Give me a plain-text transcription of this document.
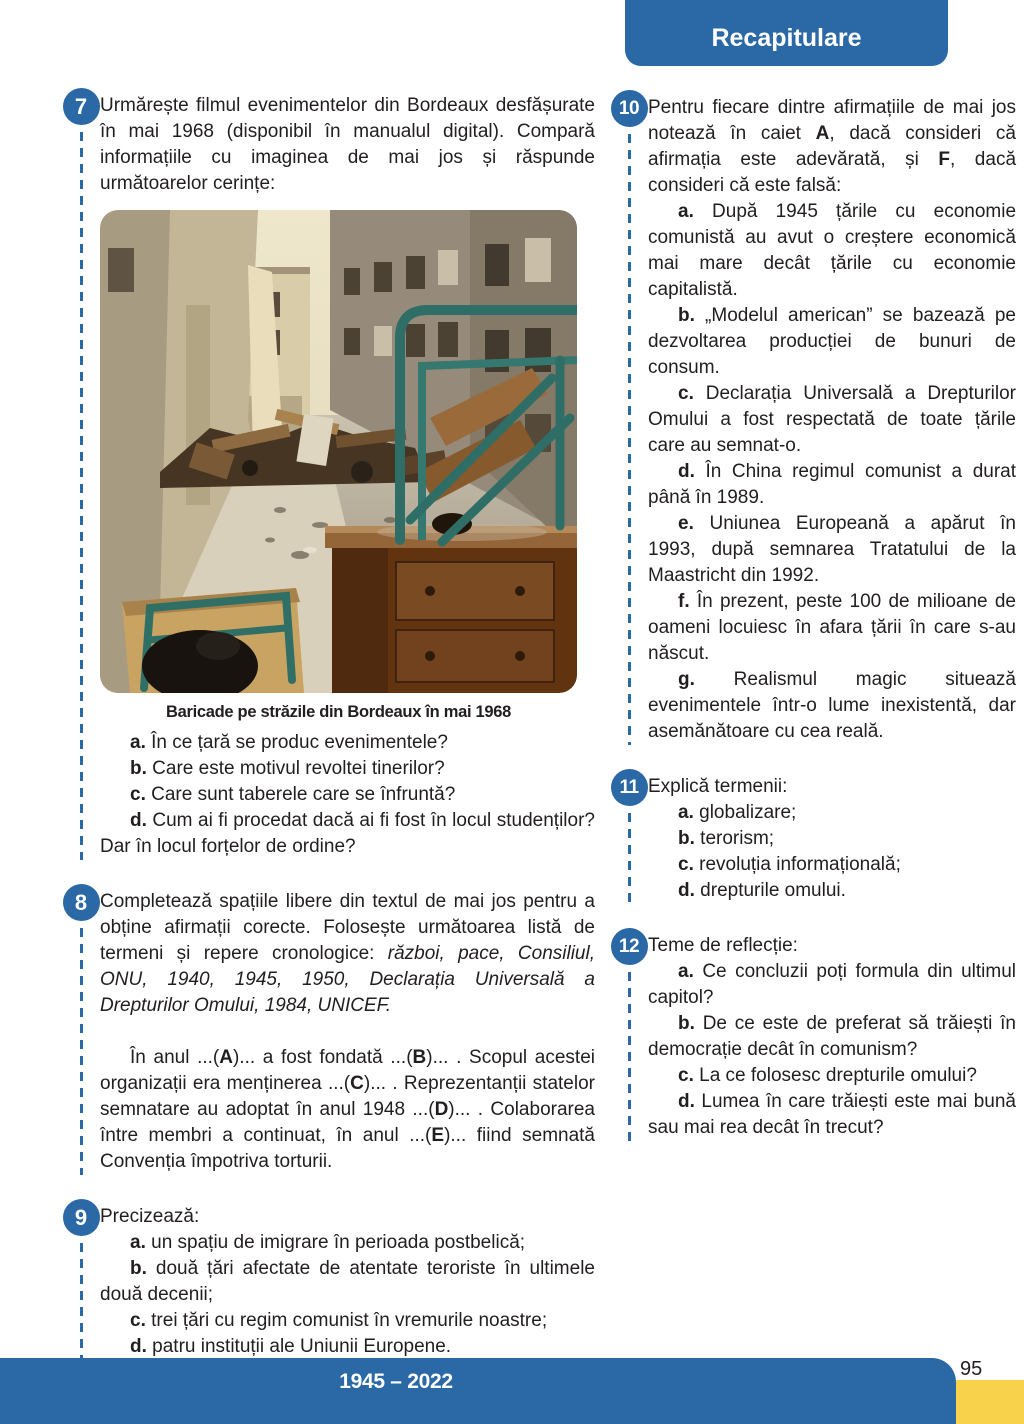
Recapitulare
7 Urmărește filmul evenimentelor din Bordeaux desfășurate în mai 1968 (disponibil în manualul digital). Compară informațiile cu imaginea de mai jos și răspunde următoarelor cerințe:

Baricade pe străzile din Bordeaux în mai 1968

a. În ce țară se produc evenimentele?

b. Care este motivul revoltei tinerilor?

c. Care sunt taberele care se înfruntă?

d. Cum ai fi procedat dacă ai fi fost în locul studenților? Dar în locul forțelor de ordine?

8 Completează spațiile libere din textul de mai jos pentru a obține afirmații corecte. Folosește următoarea listă de termeni și repere cronologice: război, pace, Consiliul, ONU, 1940, 1945, 1950, Declarația Universală a Drepturilor Omului, 1984, UNICEF.

În anul ...(A)... a fost fondată ...(B)... . Scopul acestei organizații era menținerea ...(C)... . Reprezentanții statelor semnatare au adoptat în anul 1948 ...(D)... . Colaborarea între membri a continuat, în anul ...(E)... fiind semnată Convenția împotriva torturii.

9 Precizează:

a. un spațiu de imigrare în perioada postbelică;

b. două țări afectate de atentate teroriste în ultimele două decenii;

c. trei țări cu regim comunist în vremurile noastre;

d. patru instituții ale Uniunii Europene.

10 Pentru fiecare dintre afirmațiile de mai jos notează în caiet A, dacă consideri că afirmația este adevărată, și F, dacă consideri că este falsă:

a. După 1945 țările cu economie comunistă au avut o creștere economică mai mare decât țările cu economie capitalistă.

b. „Modelul american” se bazează pe dezvoltarea producției de bunuri de consum.

c. Declarația Universală a Drepturilor Omului a fost respectată de toate țările care au semnat-o.

d. În China regimul comunist a durat până în 1989.

e. Uniunea Europeană a apărut în 1993, după semnarea Tratatului de la Maastricht din 1992.

f. În prezent, peste 100 de milioane de oameni locuiesc în afara țării în care s-au născut.

g. Realismul magic situează evenimentele într-o lume inexistentă, dar asemănătoare cu cea reală.

11 Explică termenii:

a. globalizare;

b. terorism;

c. revoluția informațională;

d. drepturile omului.

12 Teme de reflecție:

a. Ce concluzii poți formula din ultimul capitol?

b. De ce este de preferat să trăiești în democrație decât în comunism?

c. La ce folosesc drepturile omului?

d. Lumea în care trăiești este mai bună sau mai rea decât în trecut?

1945 – 2022
95
